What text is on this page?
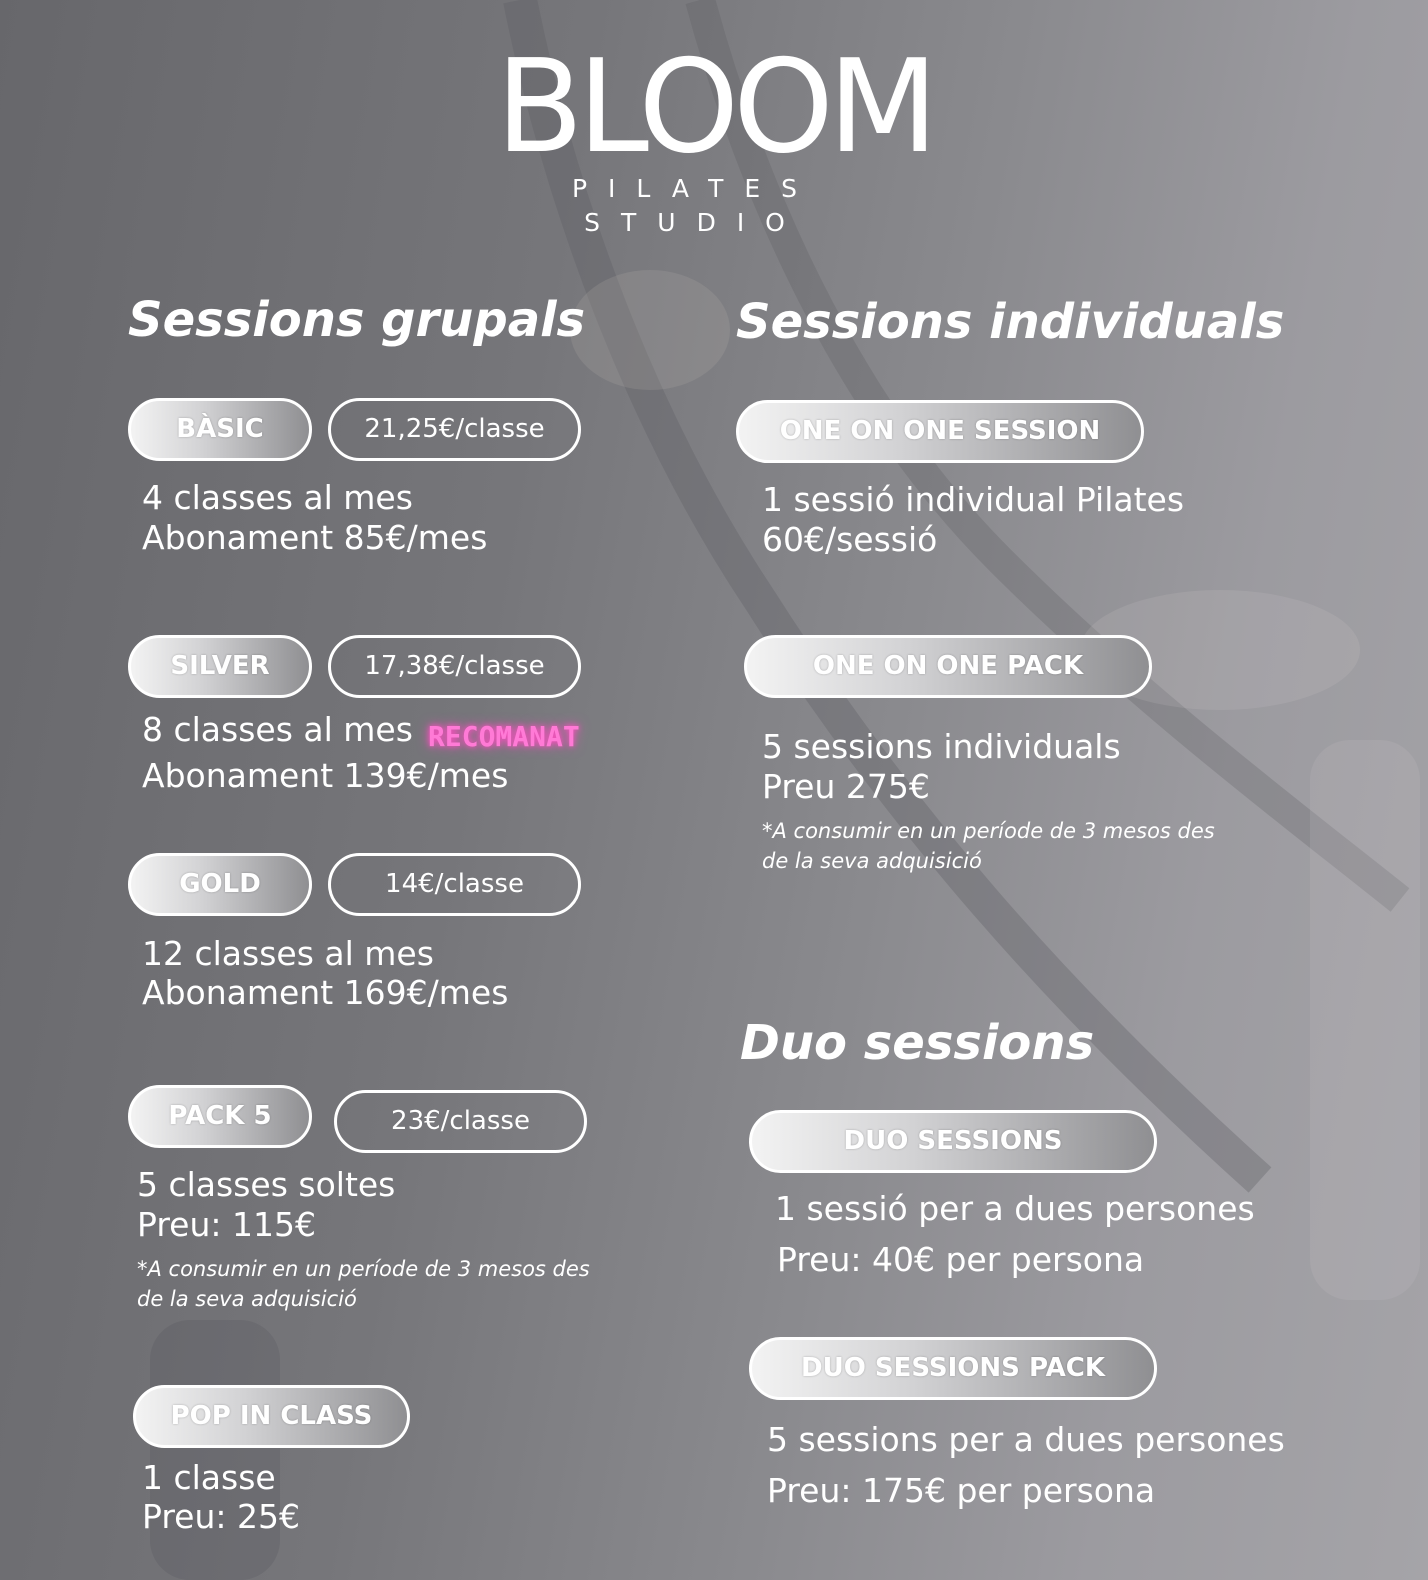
BLOOM
PILATES STUDIO
Sessions grupals	Sessions individuals
Duo sessions
BÀSIC	21,25€/classe
4 classes al mes
Abonament 85€/mes
SILVER	17,38€/classe
8 classes al mes RECOMANAT
Abonament 139€/mes
GOLD	14€/classe
12 classes al mes
Abonament 169€/mes
PACK 5	23€/classe
5 classes soltes
Preu: 115€
*A consumir en un període de 3 mesos des
de la seva adquisició
POP IN CLASS
1 classe
Preu: 25€
ONE ON ONE SESSION
1 sessió individual Pilates
60€/sessió
ONE ON ONE PACK
5 sessions individuals
Preu 275€
*A consumir en un període de 3 mesos des
de la seva adquisició
DUO SESSIONS
1 sessió per a dues persones
Preu: 40€ per persona
DUO SESSIONS PACK
5 sessions per a dues persones
Preu: 175€ per persona
